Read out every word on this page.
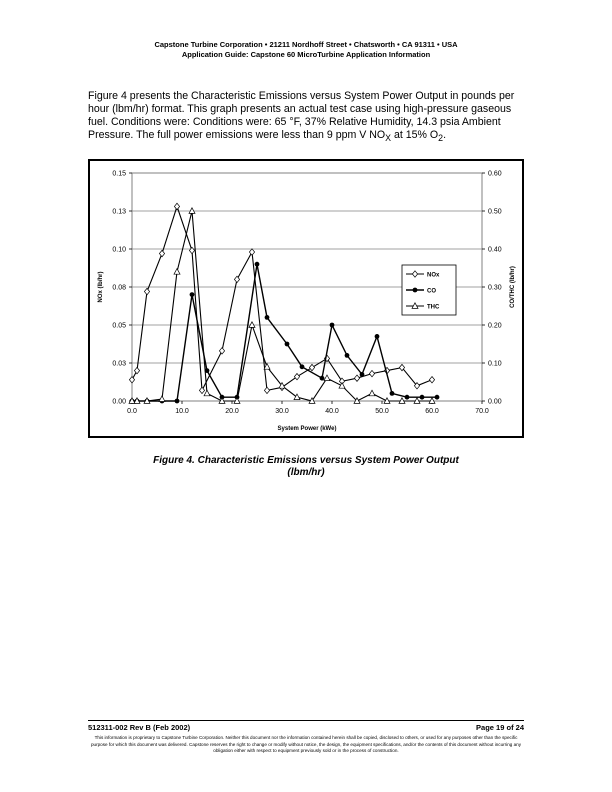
Capstone Turbine Corporation • 21211 Nordhoff Street • Chatsworth • CA 91311 • USA
Application Guide: Capstone 60 MicroTurbine Application Information
Figure 4 presents the Characteristic Emissions versus System Power Output in pounds per hour (lbm/hr) format. This graph presents an actual test case using high-pressure gaseous fuel. Conditions were: Conditions were: 65 °F, 37% Relative Humidity, 14.3 psia Ambient Pressure. The full power emissions were less than 9 ppm V $NO_X$ at 15% $O_2$.
0.00
0.03
0.05
0.08
0.10
0.13
0.15
0.00
0.10
0.20
0.30
0.40
0.50
0.60
0.0	10.0	20.0	30.0	40.0	50.0	60.0	70.0
NOx (lb/hr)	CO/THC (lb/hr)
System Power (kWe)
NOx
CO
THC
Figure 4. Characteristic Emissions versus System Power Output
(lbm/hr)
512311-002 Rev B (Feb 2002)	Page 19 of 24
This information is proprietary to Capstone Turbine Corporation. Neither this document nor the information contained herein shall be copied, disclosed to others, or used for any purposes other than the specific purpose for which this document was delivered. Capstone reserves the right to change or modify without notice, the design, the equipment specifications, and/or the contents of this document without incurring any obligation either with respect to equipment previously sold or in the process of construction.
